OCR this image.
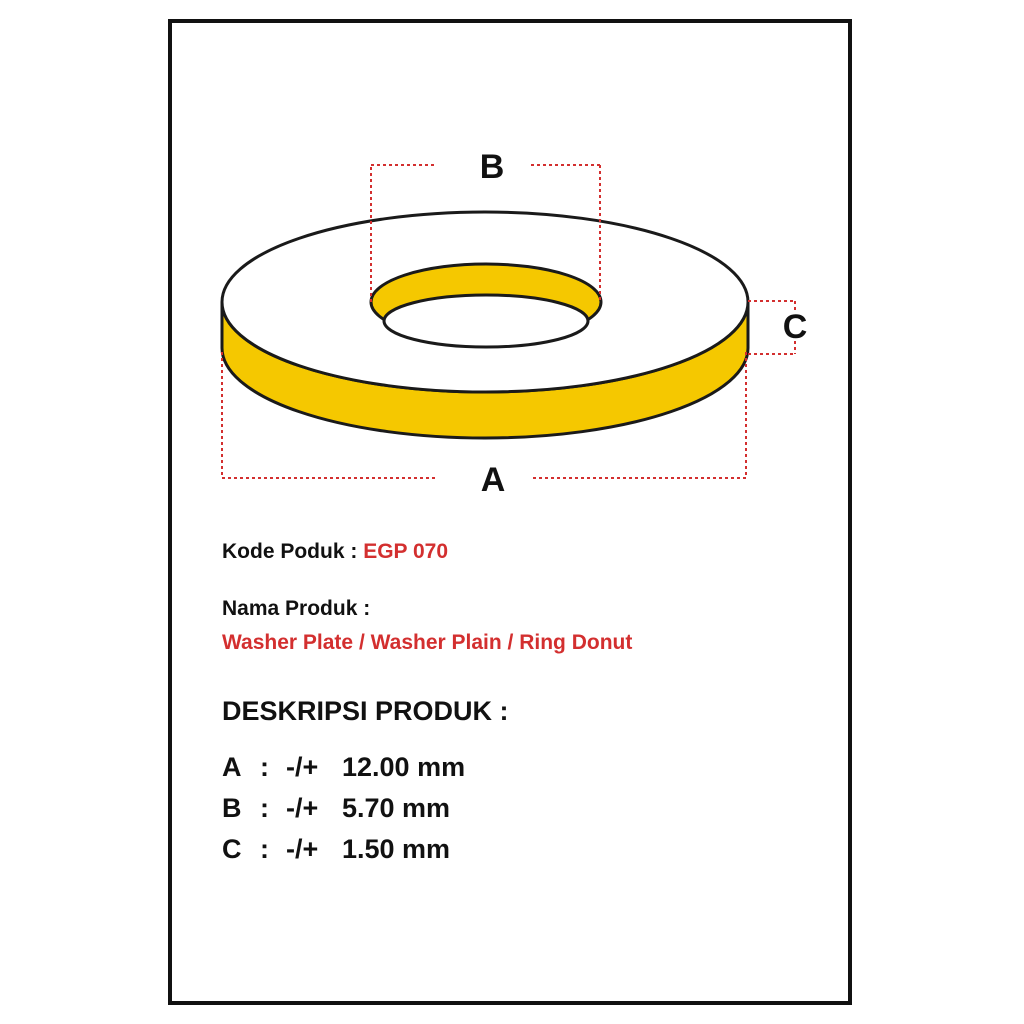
B
A
C
Kode Poduk : EGP 070
Nama Produk :
Washer Plate / Washer Plain / Ring Donut
DESKRIPSI PRODUK :
A : -/+ 12.00 mm
B : -/+ 5.70 mm
C : -/+ 1.50 mm
